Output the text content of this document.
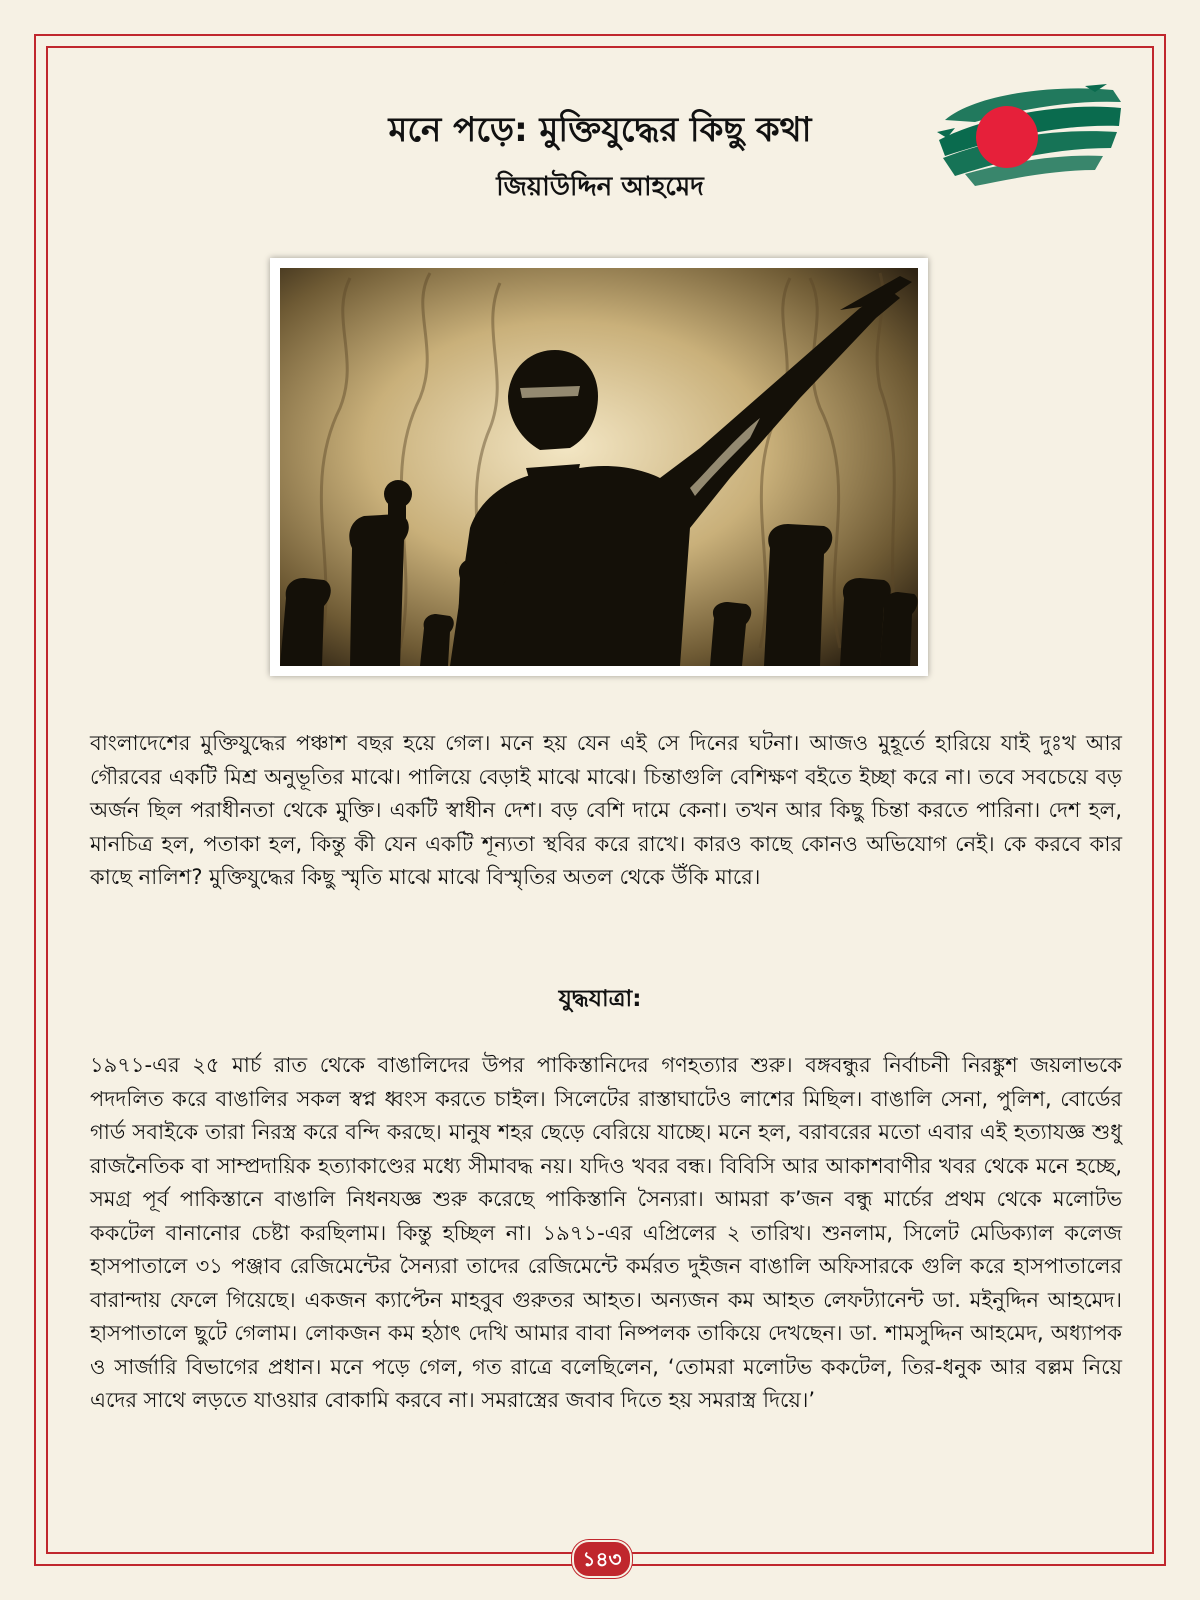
মনে পড়ে: মুক্তিযুদ্ধের কিছু কথা
জিয়াউদ্দিন আহমেদ

বাংলাদেশের মুক্তিযুদ্ধের পঞ্চাশ বছর হয়ে গেল। মনে হয় যেন এই সে দিনের ঘটনা। আজও মুহূর্তে হারিয়ে যাই দুঃখ আর গৌরবের একটি মিশ্র অনুভূতির মাঝে। পালিয়ে বেড়াই মাঝে মাঝে। চিন্তাগুলি বেশিক্ষণ বইতে ইচ্ছা করে না। তবে সবচেয়ে বড় অর্জন ছিল পরাধীনতা থেকে মুক্তি। একটি স্বাধীন দেশ। বড় বেশি দামে কেনা। তখন আর কিছু চিন্তা করতে পারিনা। দেশ হল, মানচিত্র হল, পতাকা হল, কিন্তু কী যেন একটি শূন্যতা স্থবির করে রাখে। কারও কাছে কোনও অভিযোগ নেই। কে করবে কার কাছে নালিশ? মুক্তিযুদ্ধের কিছু স্মৃতি মাঝে মাঝে বিস্মৃতির অতল থেকে উঁকি মারে।

যুদ্ধযাত্রা:

১৯৭১-এর ২৫ মার্চ রাত থেকে বাঙালিদের উপর পাকিস্তানিদের গণহত্যার শুরু। বঙ্গবন্ধুর নির্বাচনী নিরঙ্কুশ জয়লাভকে পদদলিত করে বাঙালির সকল স্বপ্ন ধ্বংস করতে চাইল। সিলেটের রাস্তাঘাটেও লাশের মিছিল। বাঙালি সেনা, পুলিশ, বোর্ডের গার্ড সবাইকে তারা নিরস্ত্র করে বন্দি করছে। মানুষ শহর ছেড়ে বেরিয়ে যাচ্ছে। মনে হল, বরাবরের মতো এবার এই হত্যাযজ্ঞ শুধু রাজনৈতিক বা সাম্প্রদায়িক হত্যাকাণ্ডের মধ্যে সীমাবদ্ধ নয়। যদিও খবর বন্ধ। বিবিসি আর আকাশবাণীর খবর থেকে মনে হচ্ছে, সমগ্র পূর্ব পাকিস্তানে বাঙালি নিধনযজ্ঞ শুরু করেছে পাকিস্তানি সৈন্যরা। আমরা ক’জন বন্ধু মার্চের প্রথম থেকে মলোটভ ককটেল বানানোর চেষ্টা করছিলাম। কিন্তু হচ্ছিল না। ১৯৭১-এর এপ্রিলের ২ তারিখ। শুনলাম, সিলেট মেডিক্যাল কলেজ হাসপাতালে ৩১ পঞ্জাব রেজিমেন্টের সৈন্যরা তাদের রেজিমেন্টে কর্মরত দুইজন বাঙালি অফিসারকে গুলি করে হাসপাতালের বারান্দায় ফেলে গিয়েছে। একজন ক্যাপ্টেন মাহবুব গুরুতর আহত। অন্যজন কম আহত লেফট্যানেন্ট ডা. মইনুদ্দিন আহমেদ। হাসপাতালে ছুটে গেলাম। লোকজন কম হঠাৎ দেখি আমার বাবা নিষ্পলক তাকিয়ে দেখছেন। ডা. শামসুদ্দিন আহমেদ, অধ্যাপক ও সার্জারি বিভাগের প্রধান। মনে পড়ে গেল, গত রাত্রে বলেছিলেন, ‘তোমরা মলোটভ ককটেল, তির-ধনুক আর বল্লম নিয়ে এদের সাথে লড়তে যাওয়ার বোকামি করবে না। সমরাস্ত্রের জবাব দিতে হয় সমরাস্ত্র দিয়ে।’

১৪৩
